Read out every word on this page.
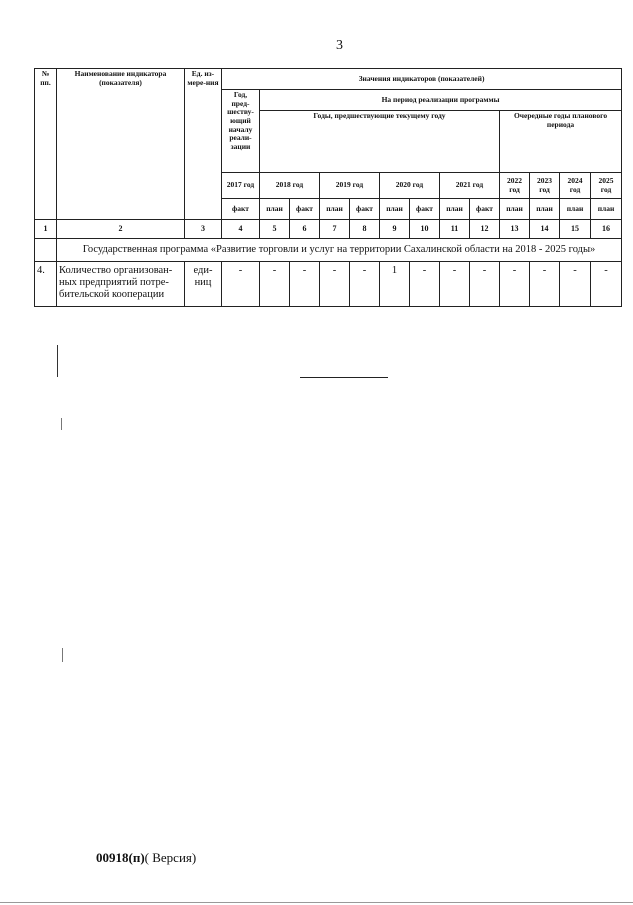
3
№ пп.	Наименование индикатора (показателя)	Ед. из-мере-ния	Значения индикаторов (показателей)												
			Год, пред-шеству-ющий началу реали-зации	На период реализации программы											
				Годы, предшествующие текущему году								Очередные годы планового периода			
			2017 год	2018 год		2019 год		2020 год		2021 год		2022 год	2023 год	2024 год	2025 год
			факт	план	факт	план	факт	план	факт	план	факт	план	план	план	план
1	2	3	4	5	6	7	8	9	10	11	12	13	14	15	16
	Государственная программа «Развитие торговли и услуг на территории Сахалинской области на 2018 - 2025 годы»														
4.	Количество организован-ных предприятий потре-бительской кооперации	еди-ниц	-	-	-	-	-	1	-	-	-	-	-	-	-
00918(п)( Версия)
